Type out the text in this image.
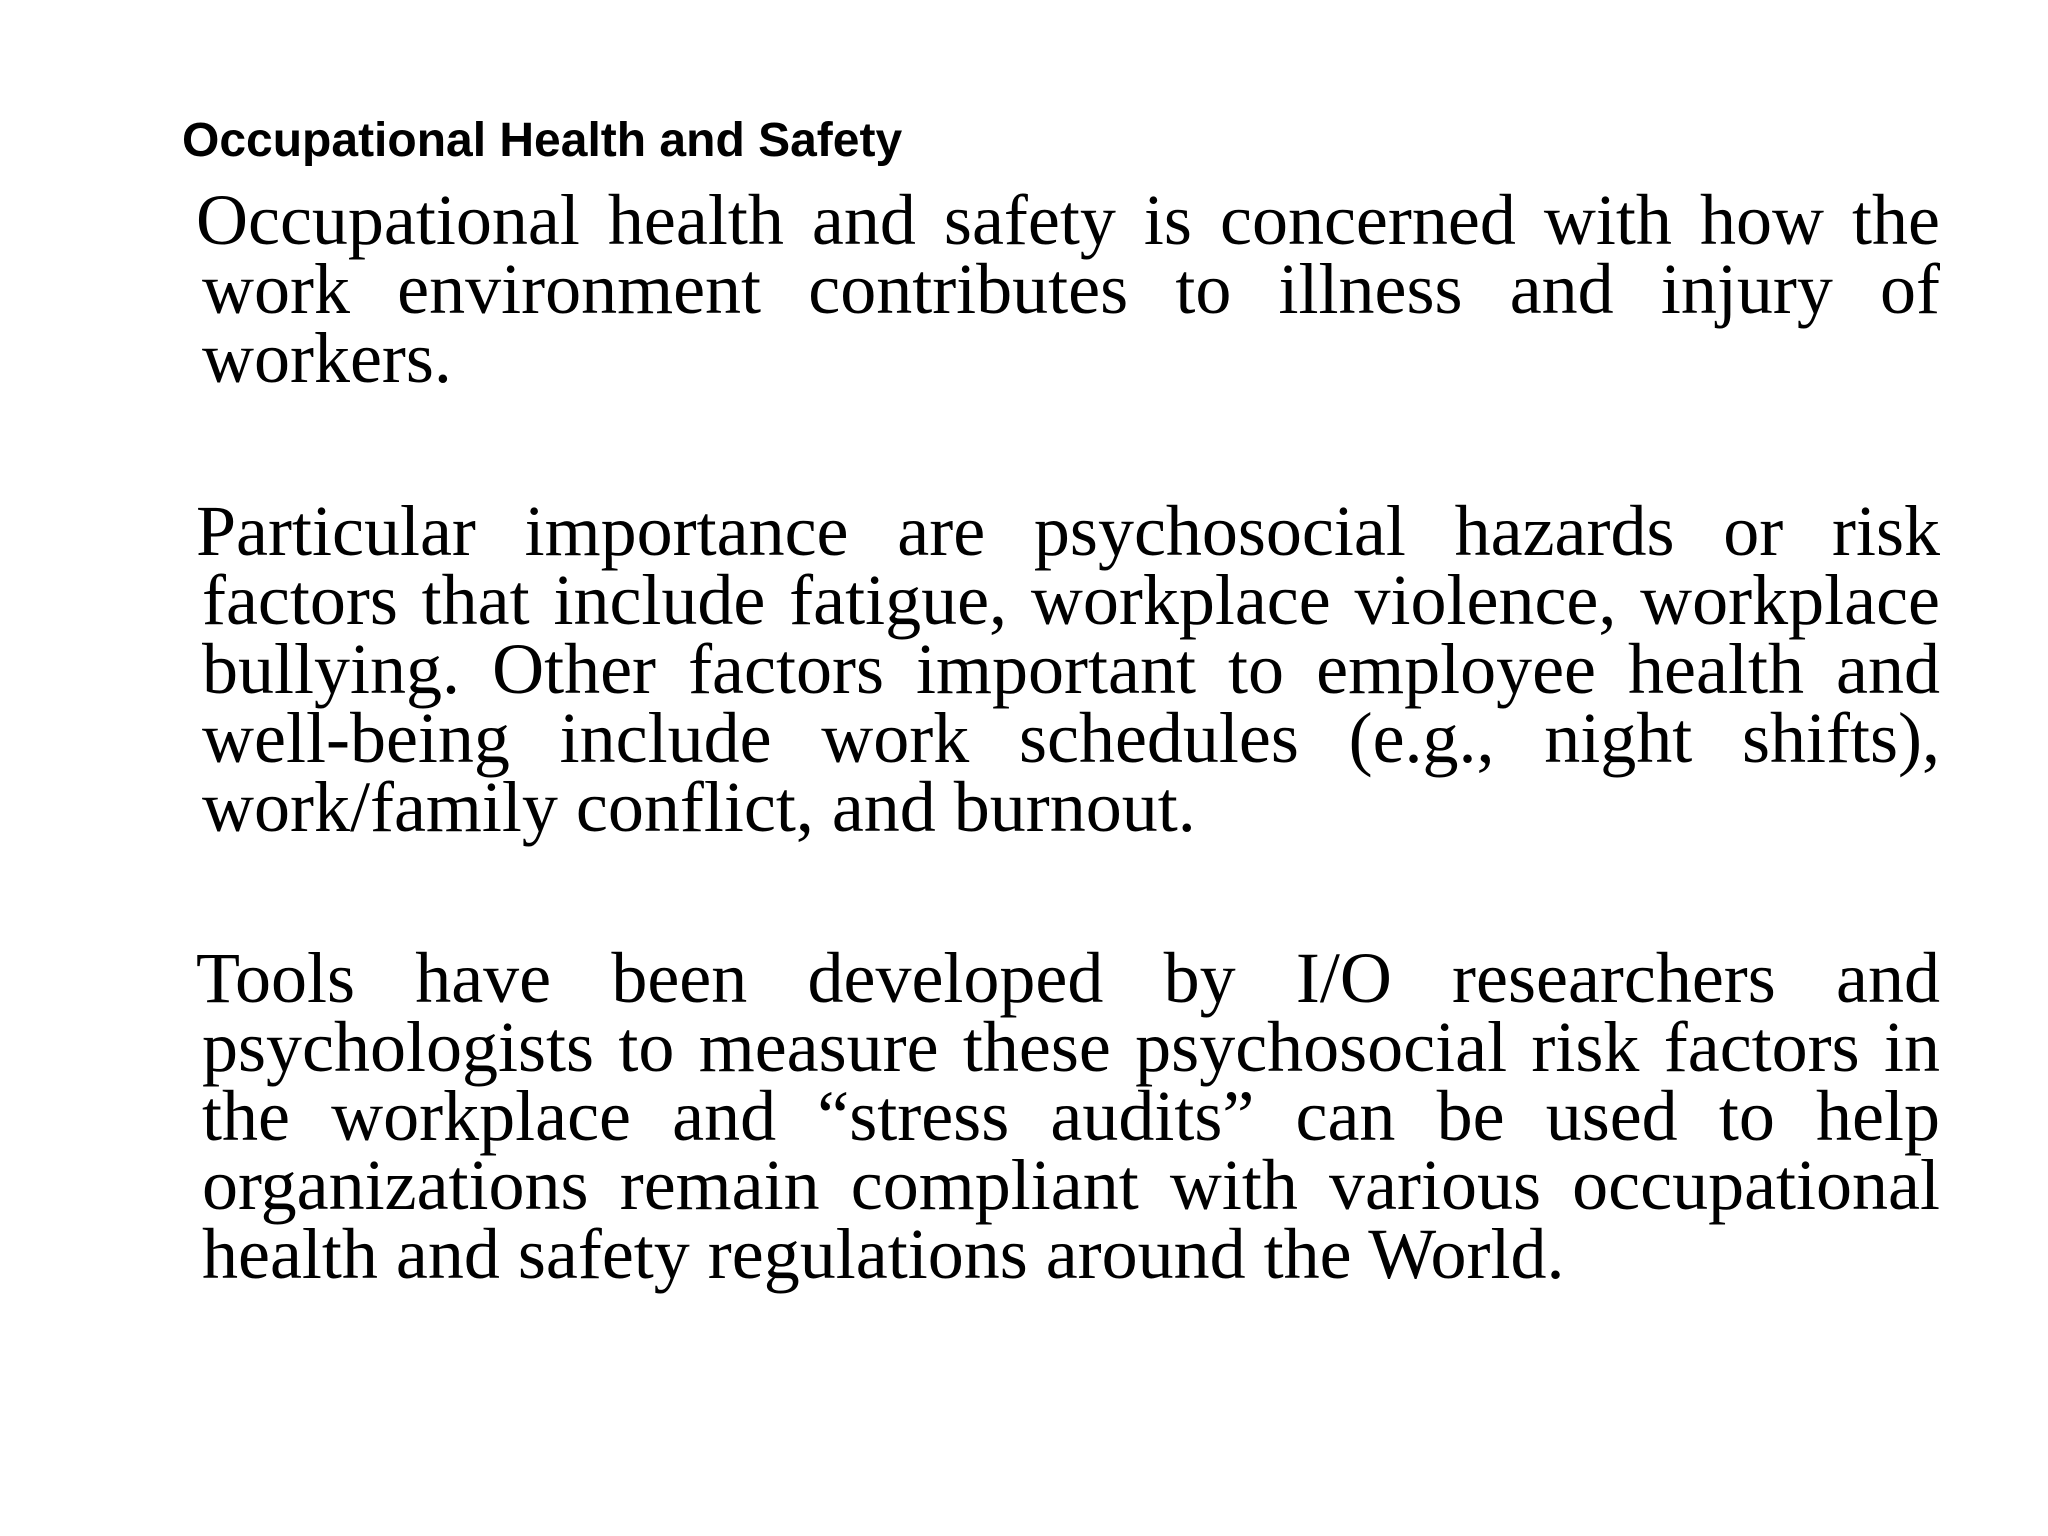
Occupational Health and Safety

Occupational health and safety is concerned with how the work environment contributes to illness and injury of workers.

Particular importance are psychosocial hazards or risk factors that include fatigue, workplace violence, workplace bullying. Other factors important to employee health and well-being include work schedules (e.g., night shifts), work/family conflict, and burnout.

Tools have been developed by I/O researchers and psychologists to measure these psychosocial risk factors in the workplace and “stress audits” can be used to help organizations remain compliant with various occupational health and safety regulations around the World.
